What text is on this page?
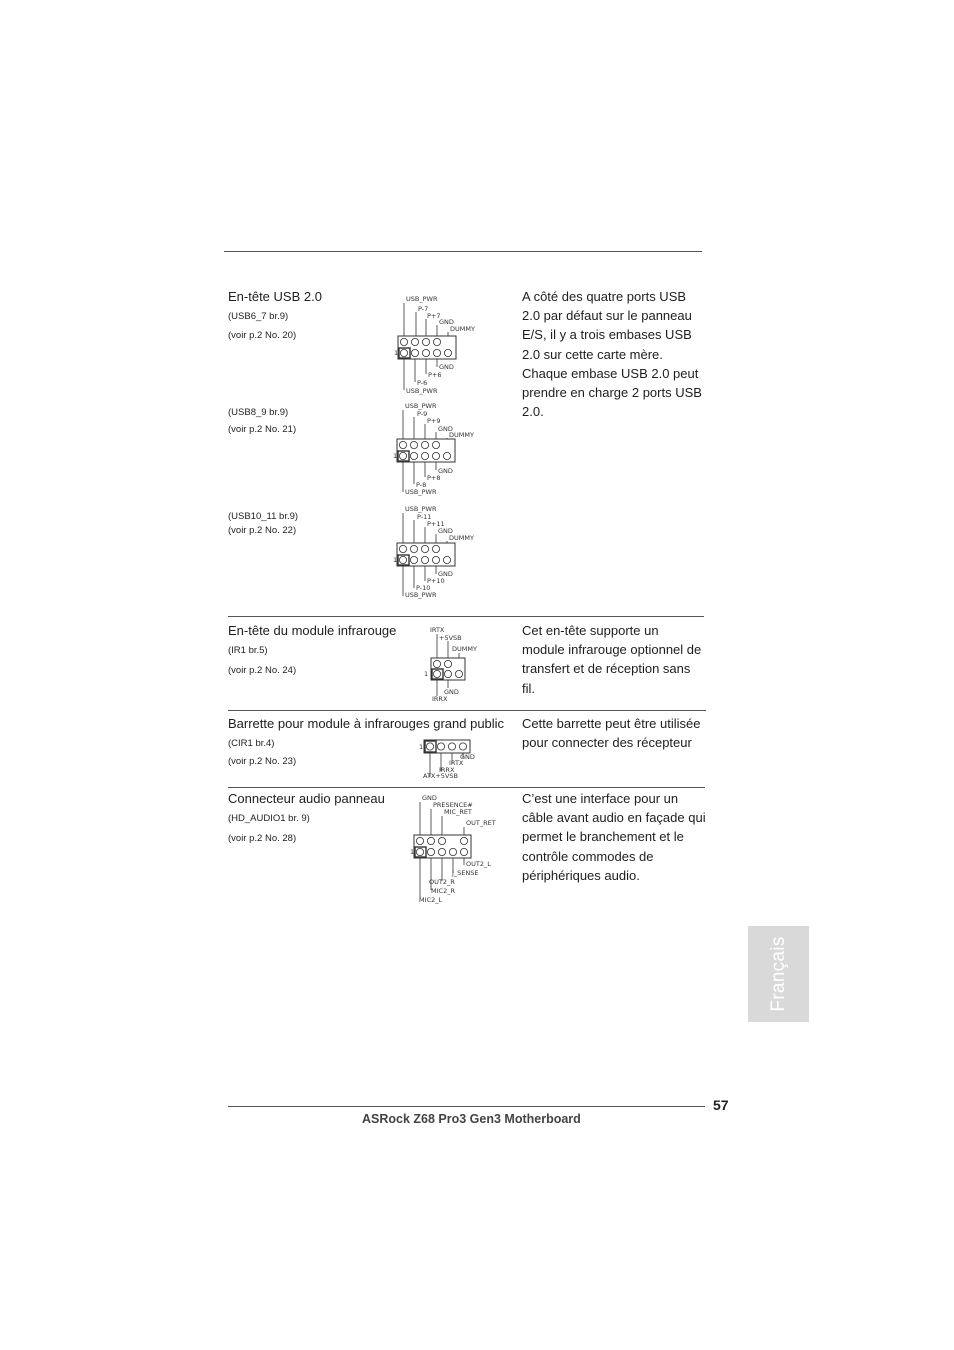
En-tête USB 2.0
(USB6_7 br.9)
(voir p.2 No. 20)
(USB8_9 br.9)
(voir p.2 No. 21)
(USB10_11 br.9)
(voir p.2 No. 22)
A côté des quatre ports USB 2.0 par défaut sur le panneau E/S, il y a trois embases USB 2.0 sur cette carte mère. Chaque embase USB 2.0 peut prendre en charge 2 ports USB 2.0.
USB_PWR
P-7
P+7
GND
DUMMY
1
GND
P+6
P-6
USB_PWR
USB_PWR
P-9
P+9
GND
DUMMY
1
GND
P+8
P-8
USB_PWR
USB_PWR
P-11
P+11
GND
DUMMY
1
GND
P+10
P-10
USB_PWR
En-tête du module infrarouge
(IR1 br.5)
(voir p.2 No. 24)
Cet en-tête supporte un module infrarouge optionnel de transfert et de réception sans fil.
IRTX
+5VSB
DUMMY
1
GND
IRRX
Barrette pour module à infrarouges grand public
(CIR1 br.4)
(voir p.2 No. 23)
Cette barrette peut être utilisée pour connecter des récepteur
1
GND
IRTX
IRRX
ATX+5VSB
Connecteur audio panneau
(HD_AUDIO1 br. 9)
(voir p.2 No. 28)
C’est une interface pour un câble avant audio en façade qui permet le branchement et le contrôle commodes de périphériques audio.
GND
PRESENCE#
MIC_RET
OUT_RET
1
OUT2_L
J_SENSE
OUT2_R
MIC2_R
MIC2_L
Français
57
ASRock Z68 Pro3 Gen3 Motherboard
